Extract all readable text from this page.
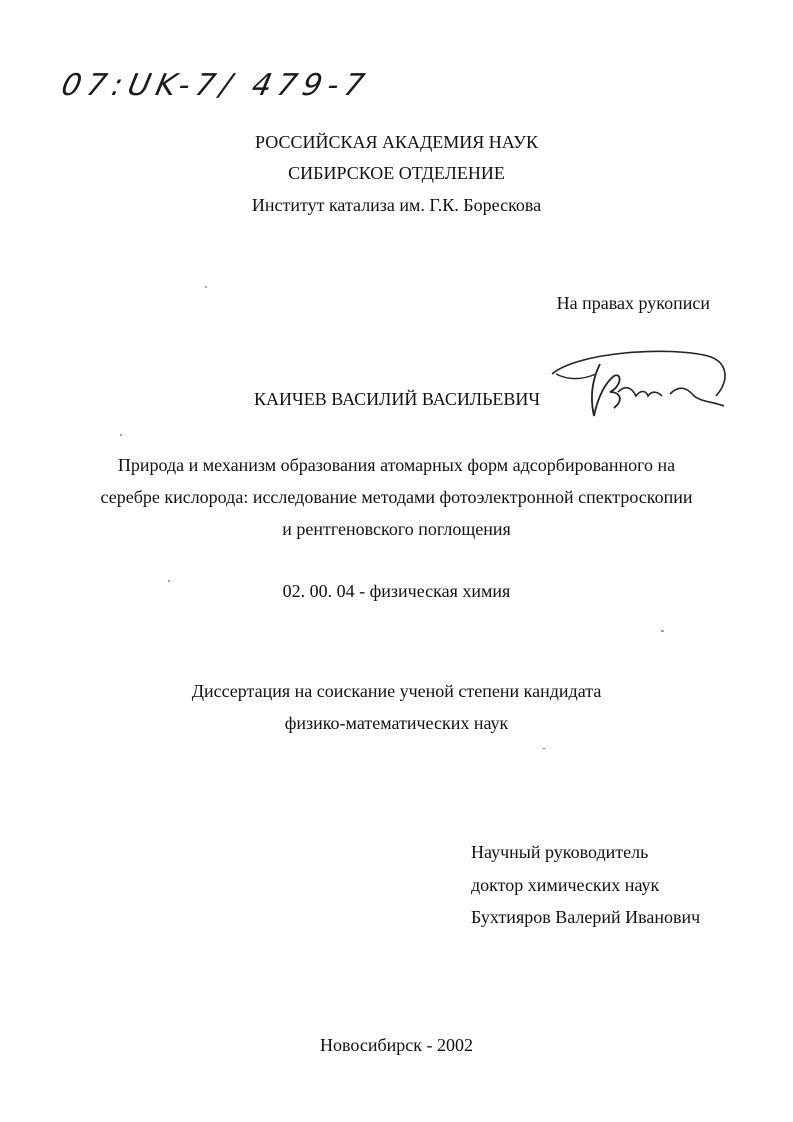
07:UK-7/ 479-7
РОССИЙСКАЯ АКАДЕМИЯ НАУК
СИБИРСКОЕ ОТДЕЛЕНИЕ
Институт катализа им. Г.К. Борескова
На правах рукописи
КАИЧЕВ ВАСИЛИЙ ВАСИЛЬЕВИЧ
Природа и механизм образования атомарных форм адсорбированного на
серебре кислорода: исследование методами фотоэлектронной спектроскопии
и рентгеновского поглощения
02. 00. 04 - физическая химия
Диссертация на соискание ученой степени кандидата
физико-математических наук
Научный руководитель
доктор химических наук
Бухтияров Валерий Иванович
Новосибирск - 2002
